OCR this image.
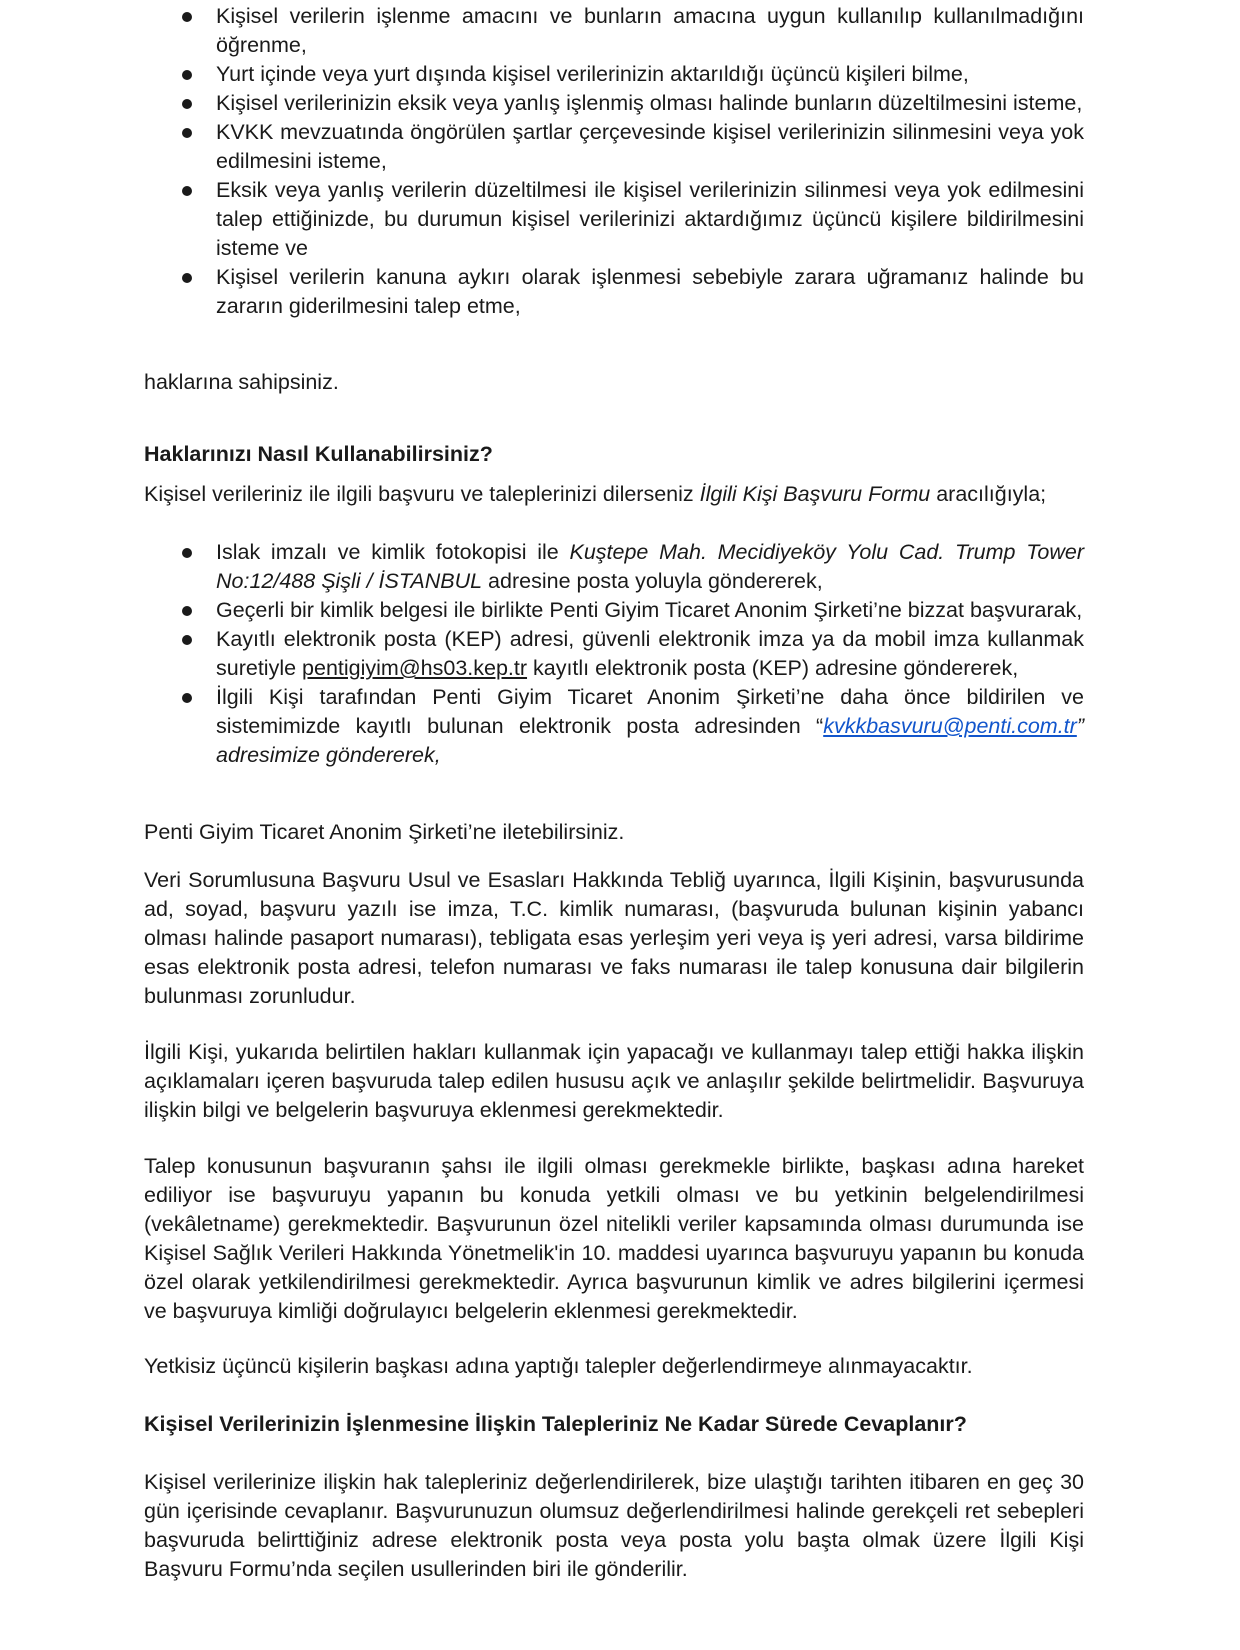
Kişisel verilerin işlenme amacını ve bunların amacına uygun kullanılıp kullanılmadığını öğrenme,
Yurt içinde veya yurt dışında kişisel verilerinizin aktarıldığı üçüncü kişileri bilme,
Kişisel verilerinizin eksik veya yanlış işlenmiş olması halinde bunların düzeltilmesini isteme,
KVKK mevzuatında öngörülen şartlar çerçevesinde kişisel verilerinizin silinmesini veya yok edilmesini isteme,
Eksik veya yanlış verilerin düzeltilmesi ile kişisel verilerinizin silinmesi veya yok edilmesini talep ettiğinizde, bu durumun kişisel verilerinizi aktardığımız üçüncü kişilere bildirilmesini isteme ve
Kişisel verilerin kanuna aykırı olarak işlenmesi sebebiyle zarara uğramanız halinde bu zararın giderilmesini talep etme,

haklarına sahipsiniz.

Haklarınızı Nasıl Kullanabilirsiniz?

Kişisel verileriniz ile ilgili başvuru ve taleplerinizi dilerseniz İlgili Kişi Başvuru Formu aracılığıyla;

Islak imzalı ve kimlik fotokopisi ile Kuştepe Mah. Mecidiyeköy Yolu Cad. Trump Tower No:12/488 Şişli / İSTANBUL adresine posta yoluyla göndererek,
Geçerli bir kimlik belgesi ile birlikte Penti Giyim Ticaret Anonim Şirketi’ne bizzat başvurarak,
Kayıtlı elektronik posta (KEP) adresi, güvenli elektronik imza ya da mobil imza kullanmak suretiyle pentigiyim@hs03.kep.tr kayıtlı elektronik posta (KEP) adresine göndererek,
İlgili Kişi tarafından Penti Giyim Ticaret Anonim Şirketi’ne daha önce bildirilen ve sistemimizde kayıtlı bulunan elektronik posta adresinden “kvkkbasvuru@penti.com.tr” adresimize göndererek,

Penti Giyim Ticaret Anonim Şirketi’ne iletebilirsiniz.

Veri Sorumlusuna Başvuru Usul ve Esasları Hakkında Tebliğ uyarınca, İlgili Kişinin, başvurusunda ad, soyad, başvuru yazılı ise imza, T.C. kimlik numarası, (başvuruda bulunan kişinin yabancı olması halinde pasaport numarası), tebligata esas yerleşim yeri veya iş yeri adresi, varsa bildirime esas elektronik posta adresi, telefon numarası ve faks numarası ile talep konusuna dair bilgilerin bulunması zorunludur.

İlgili Kişi, yukarıda belirtilen hakları kullanmak için yapacağı ve kullanmayı talep ettiği hakka ilişkin açıklamaları içeren başvuruda talep edilen hususu açık ve anlaşılır şekilde belirtmelidir. Başvuruya ilişkin bilgi ve belgelerin başvuruya eklenmesi gerekmektedir.

Talep konusunun başvuranın şahsı ile ilgili olması gerekmekle birlikte, başkası adına hareket ediliyor ise başvuruyu yapanın bu konuda yetkili olması ve bu yetkinin belgelendirilmesi (vekâletname) gerekmektedir. Başvurunun özel nitelikli veriler kapsamında olması durumunda ise Kişisel Sağlık Verileri Hakkında Yönetmelik'in 10. maddesi uyarınca başvuruyu yapanın bu konuda özel olarak yetkilendirilmesi gerekmektedir. Ayrıca başvurunun kimlik ve adres bilgilerini içermesi ve başvuruya kimliği doğrulayıcı belgelerin eklenmesi gerekmektedir.

Yetkisiz üçüncü kişilerin başkası adına yaptığı talepler değerlendirmeye alınmayacaktır.

Kişisel Verilerinizin İşlenmesine İlişkin Talepleriniz Ne Kadar Sürede Cevaplanır?

Kişisel verilerinize ilişkin hak talepleriniz değerlendirilerek, bize ulaştığı tarihten itibaren en geç 30 gün içerisinde cevaplanır. Başvurunuzun olumsuz değerlendirilmesi halinde gerekçeli ret sebepleri başvuruda belirttiğiniz adrese elektronik posta veya posta yolu başta olmak üzere İlgili Kişi Başvuru Formu’nda seçilen usullerinden biri ile gönderilir.
